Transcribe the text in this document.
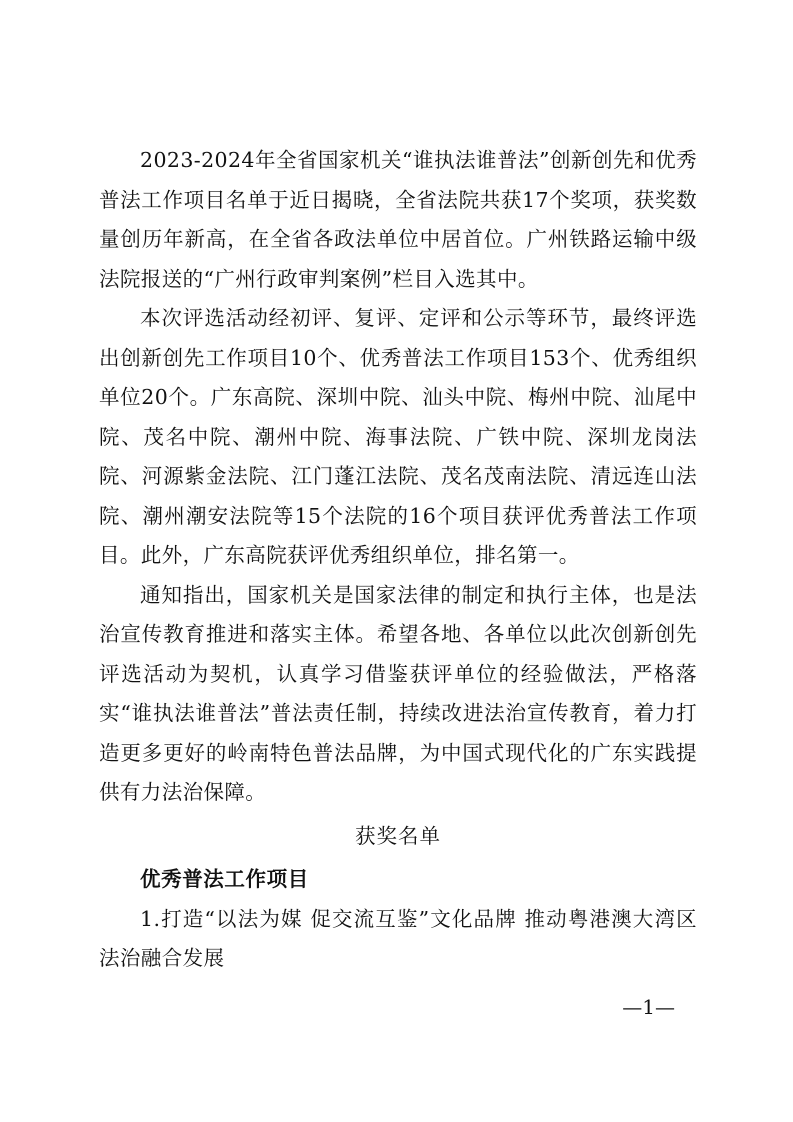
2023-2024年全省国家机关“谁执法谁普法”创新创先和优秀普法工作项目名单于近日揭晓，全省法院共获17个奖项，获奖数量创历年新高，在全省各政法单位中居首位。广州铁路运输中级法院报送的“广州行政审判案例”栏目入选其中。

本次评选活动经初评、复评、定评和公示等环节，最终评选出创新创先工作项目10个、优秀普法工作项目153个、优秀组织单位20个。广东高院、深圳中院、汕头中院、梅州中院、汕尾中院、茂名中院、潮州中院、海事法院、广铁中院、深圳龙岗法院、河源紫金法院、江门蓬江法院、茂名茂南法院、清远连山法院、潮州潮安法院等15个法院的16个项目获评优秀普法工作项目。此外，广东高院获评优秀组织单位，排名第一。

通知指出，国家机关是国家法律的制定和执行主体，也是法治宣传教育推进和落实主体。希望各地、各单位以此次创新创先评选活动为契机，认真学习借鉴获评单位的经验做法，严格落实“谁执法谁普法”普法责任制，持续改进法治宣传教育，着力打造更多更好的岭南特色普法品牌，为中国式现代化的广东实践提供有力法治保障。

获奖名单

优秀普法工作项目

1.打造“以法为媒 促交流互鉴”文化品牌 推动粤港澳大湾区法治融合发展

—1—
